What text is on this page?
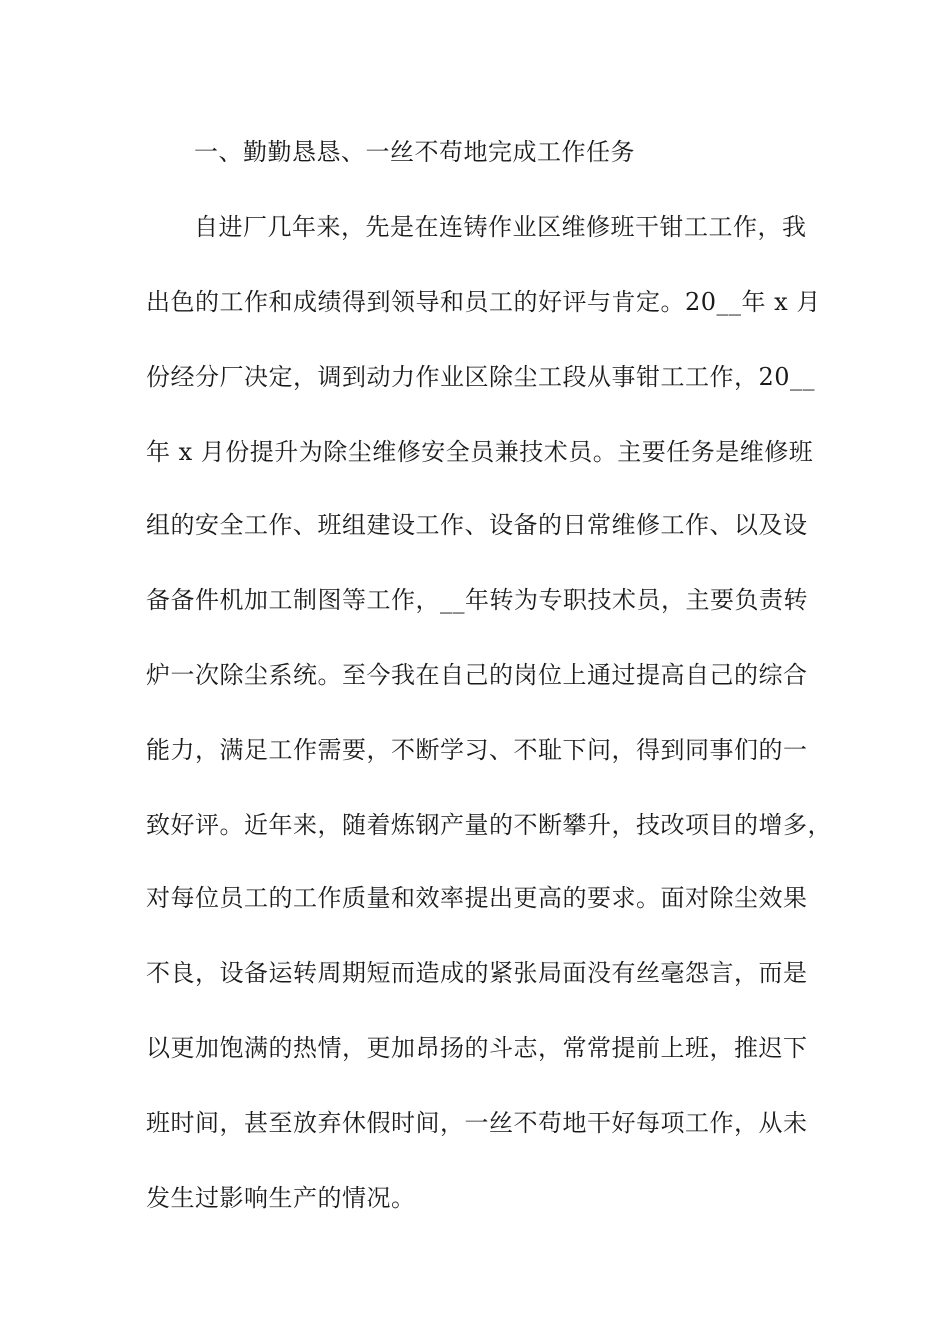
一、勤勤恳恳、一丝不苟地完成工作任务
自进厂几年来，先是在连铸作业区维修班干钳工工作，我
出色的工作和成绩得到领导和员工的好评与肯定。20__年 x 月
份经分厂决定，调到动力作业区除尘工段从事钳工工作，20__
年 x 月份提升为除尘维修安全员兼技术员。主要任务是维修班
组的安全工作、班组建设工作、设备的日常维修工作、以及设
备备件机加工制图等工作，__年转为专职技术员，主要负责转
炉一次除尘系统。至今我在自己的岗位上通过提高自己的综合
能力，满足工作需要，不断学习、不耻下问，得到同事们的一
致好评。近年来，随着炼钢产量的不断攀升，技改项目的增多，
对每位员工的工作质量和效率提出更高的要求。面对除尘效果
不良，设备运转周期短而造成的紧张局面没有丝毫怨言，而是
以更加饱满的热情，更加昂扬的斗志，常常提前上班，推迟下
班时间，甚至放弃休假时间，一丝不苟地干好每项工作，从未
发生过影响生产的情况。
